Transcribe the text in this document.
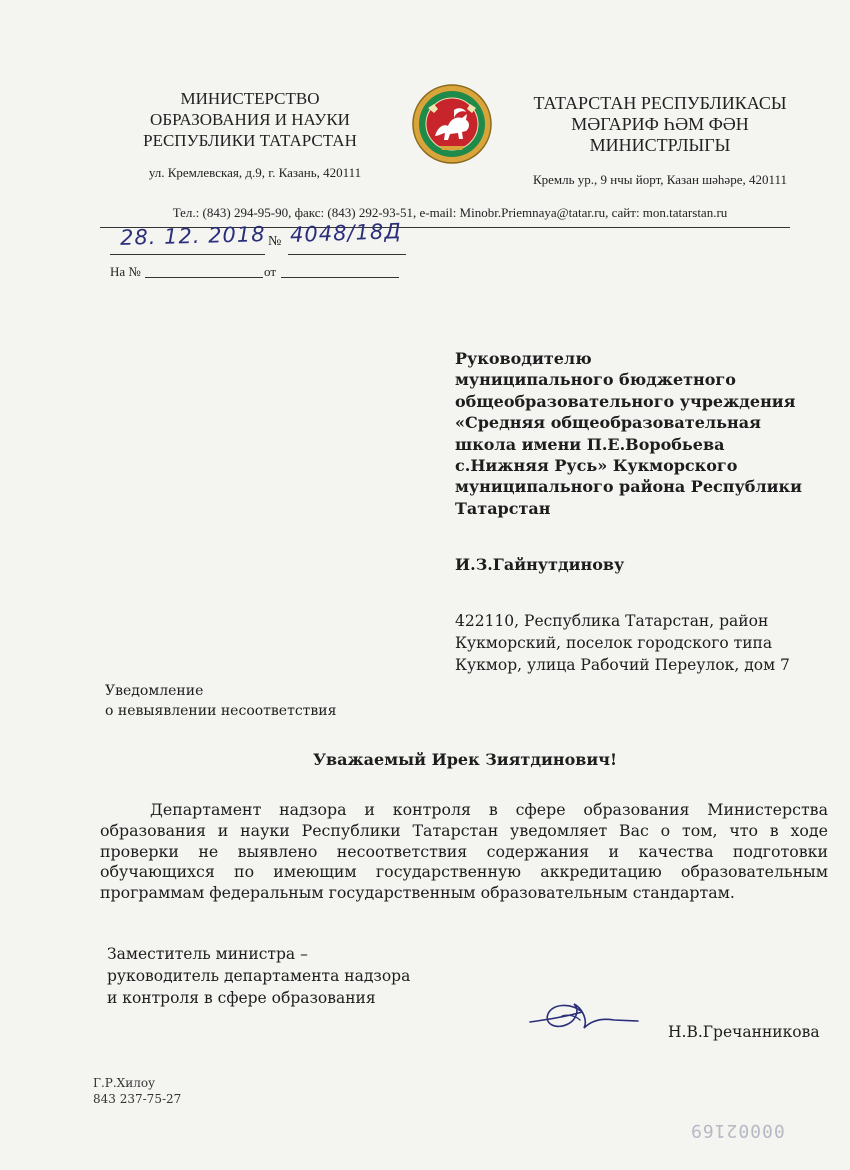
МИНИСТЕРСТВО
ОБРАЗОВАНИЯ И НАУКИ
РЕСПУБЛИКИ ТАТАРСТАН
ул. Кремлевская, д.9, г. Казань, 420111
ТАТАРСТАН РЕСПУБЛИКАСЫ
МӘГАРИФ ҺӘМ ФӘН
МИНИСТРЛЫГЫ
Кремль ур., 9 нчы йорт, Казан шәһәре, 420111
Тел.: (843) 294-95-90, факс: (843) 292-93-51, e-mail: Minobr.Priemnaya@tatar.ru, сайт: mon.tatarstan.ru
28. 12. 2018 № 4048/18Д
На №	от
Руководителю
муниципального бюджетного
общеобразовательного учреждения
«Средняя общеобразовательная
школа имени П.Е.Воробьева
с.Нижняя Русь» Кукморского
муниципального района Республики
Татарстан
И.З.Гайнутдинову
422110, Республика Татарстан, район
Кукморский, поселок городского типа
Кукмор, улица Рабочий Переулок, дом 7
Уведомление
о невыявлении несоответствия
Уважаемый Ирек Зиятдинович!
Департамент надзора и контроля в сфере образования Министерства образования и науки Республики Татарстан уведомляет Вас о том, что в ходе проверки не выявлено несоответствия содержания и качества подготовки обучающихся по имеющим государственную аккредитацию образовательным программам федеральным государственным образовательным стандартам.
Заместитель министра –
руководитель департамента надзора
и контроля в сфере образования
Н.В.Гречанникова
Г.Р.Хилоу
843 237-75-27
00002169
